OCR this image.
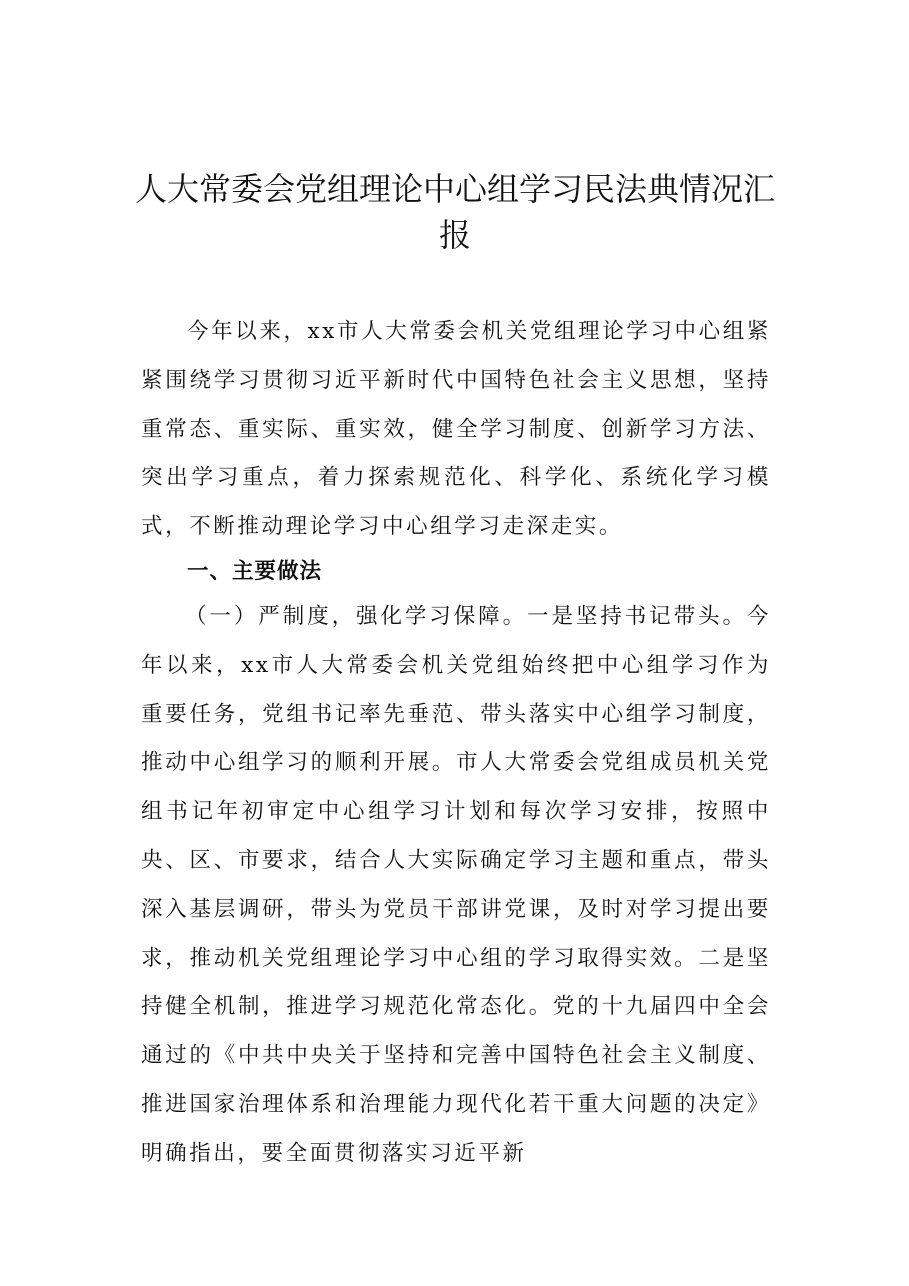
人大常委会党组理论中心组学习民法典情况汇报

今年以来，xx市人大常委会机关党组理论学习中心组紧紧围绕学习贯彻习近平新时代中国特色社会主义思想，坚持重常态、重实际、重实效，健全学习制度、创新学习方法、突出学习重点，着力探索规范化、科学化、系统化学习模式，不断推动理论学习中心组学习走深走实。

一、主要做法

（一）严制度，强化学习保障。一是坚持书记带头。今年以来，xx市人大常委会机关党组始终把中心组学习作为重要任务，党组书记率先垂范、带头落实中心组学习制度，推动中心组学习的顺利开展。市人大常委会党组成员机关党组书记年初审定中心组学习计划和每次学习安排，按照中央、区、市要求，结合人大实际确定学习主题和重点，带头深入基层调研，带头为党员干部讲党课，及时对学习提出要求，推动机关党组理论学习中心组的学习取得实效。二是坚持健全机制，推进学习规范化常态化。党的十九届四中全会通过的《中共中央关于坚持和完善中国特色社会主义制度、推进国家治理体系和治理能力现代化若干重大问题的决定》明确指出，要全面贯彻落实习近平新
